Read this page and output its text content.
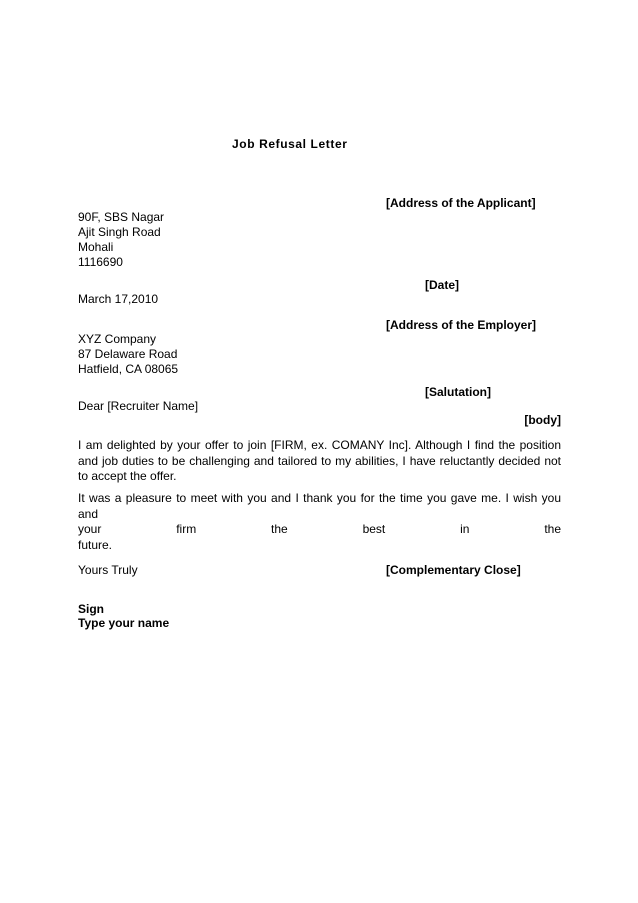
Job Refusal Letter

[Address of the Applicant]

90F, SBS Nagar

Ajit Singh Road

Mohali

1116690

[Date]

March 17,2010

[Address of the Employer]

XYZ Company

87 Delaware Road

Hatfield, CA 08065

[Salutation]

Dear [Recruiter Name]

[body]

I am delighted by your offer to join [FIRM, ex. COMANY Inc]. Although I find the position and job duties to be challenging and tailored to my abilities, I have reluctantly decided not to accept the offer.

It was a pleasure to meet with you and I thank you for the time you gave me. I wish you and
your firm the best in the future.

Yours Truly	[Complementary Close]

Sign

Type your name
